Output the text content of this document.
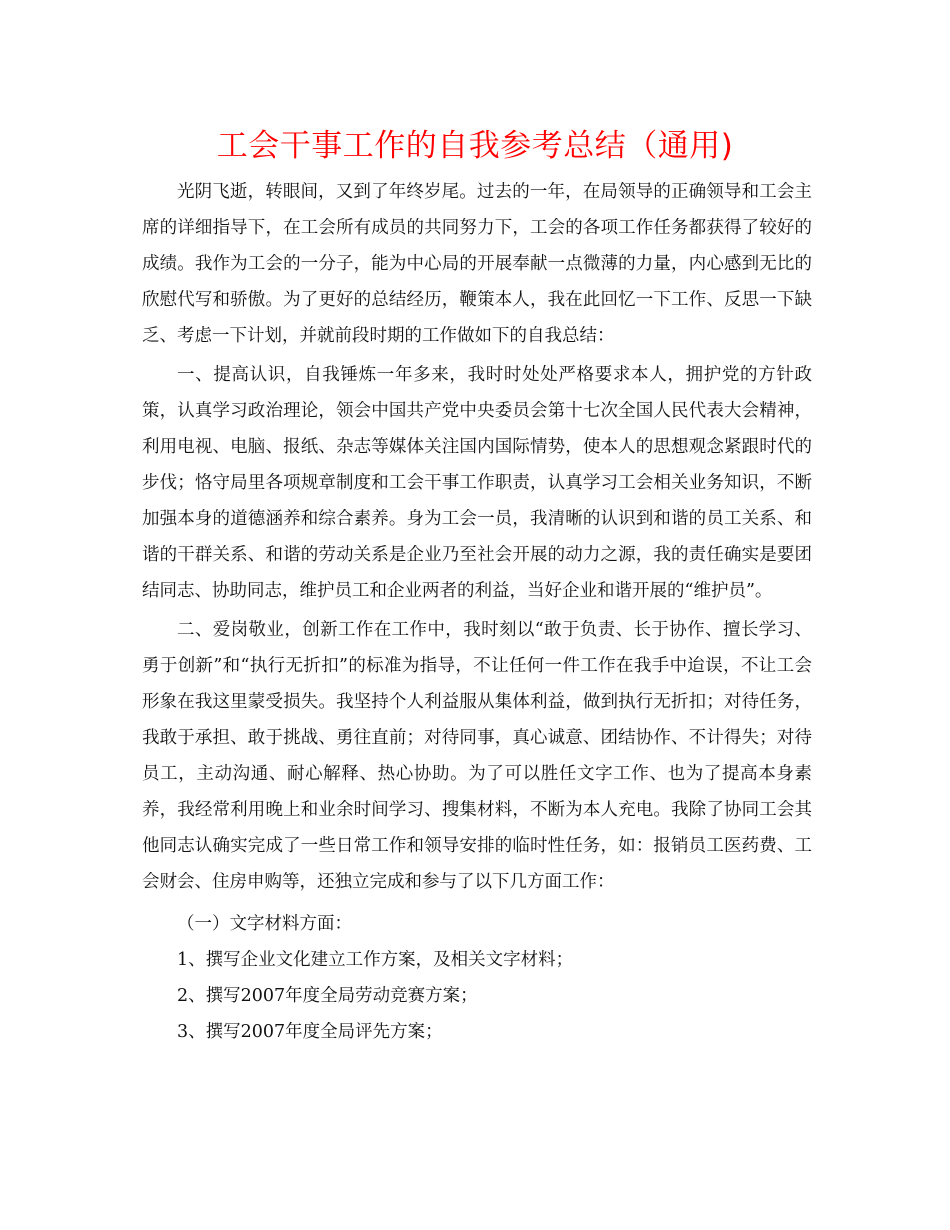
工会干事工作的自我参考总结（通用)

光阴飞逝，转眼间，又到了年终岁尾。过去的一年，在局领导的正确领导和工会主席的详细指导下，在工会所有成员的共同努力下，工会的各项工作任务都获得了较好的成绩。我作为工会的一分子，能为中心局的开展奉献一点微薄的力量，内心感到无比的欣慰代写和骄傲。为了更好的总结经历，鞭策本人，我在此回忆一下工作、反思一下缺乏、考虑一下计划，并就前段时期的工作做如下的自我总结：

一、提高认识，自我锤炼一年多来，我时时处处严格要求本人，拥护党的方针政策，认真学习政治理论，领会中国共产党中央委员会第十七次全国人民代表大会精神，利用电视、电脑、报纸、杂志等媒体关注国内国际情势，使本人的思想观念紧跟时代的步伐；恪守局里各项规章制度和工会干事工作职责，认真学习工会相关业务知识，不断加强本身的道德涵养和综合素养。身为工会一员，我清晰的认识到和谐的员工关系、和谐的干群关系、和谐的劳动关系是企业乃至社会开展的动力之源，我的责任确实是要团结同志、协助同志，维护员工和企业两者的利益，当好企业和谐开展的“维护员”。

二、爱岗敬业，创新工作在工作中，我时刻以“敢于负责、长于协作、擅长学习、勇于创新”和“执行无折扣”的标准为指导，不让任何一件工作在我手中迨误，不让工会形象在我这里蒙受损失。我坚持个人利益服从集体利益，做到执行无折扣；对待任务，我敢于承担、敢于挑战、勇往直前；对待同事，真心诚意、团结协作、不计得失；对待员工，主动沟通、耐心解释、热心协助。为了可以胜任文字工作、也为了提高本身素养，我经常利用晚上和业余时间学习、搜集材料，不断为本人充电。我除了协同工会其他同志认确实完成了一些日常工作和领导安排的临时性任务，如：报销员工医药费、工会财会、住房申购等，还独立完成和参与了以下几方面工作：

（一）文字材料方面：

1、撰写企业文化建立工作方案，及相关文字材料；

2、撰写2007年度全局劳动竞赛方案；

3、撰写2007年度全局评先方案；
